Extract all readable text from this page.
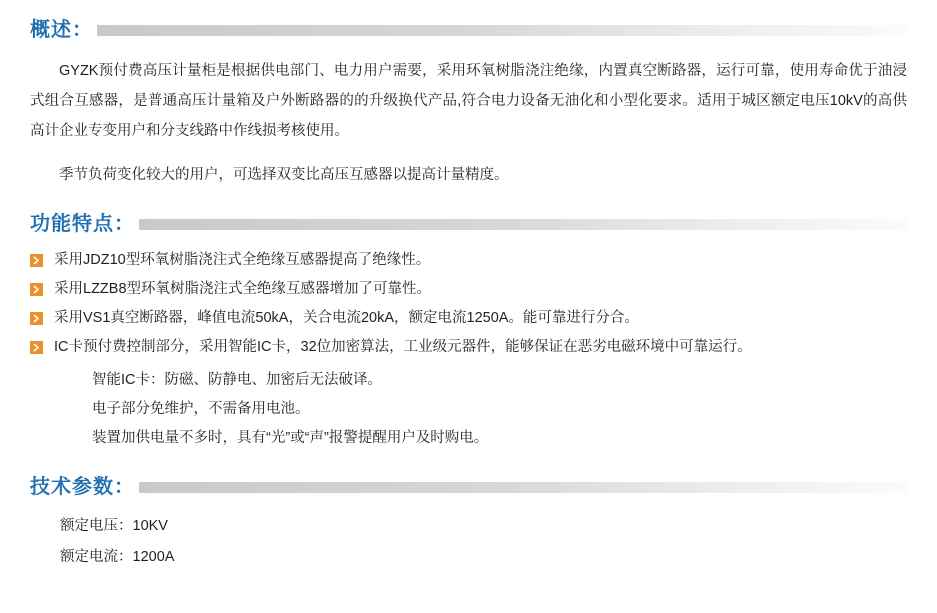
概述：

GYZK预付费高压计量柜是根据供电部门、电力用户需要，采用环氧树脂浇注绝缘，内置真空断路器，运行可靠，使用寿命优于油浸式组合互感器，是普通高压计量箱及户外断路器的的升级换代产品,符合电力设备无油化和小型化要求。适用于城区额定电压10kV的高供高计企业专变用户和分支线路中作线损考核使用。

季节负荷变化较大的用户，可选择双变比高压互感器以提高计量精度。

功能特点：
采用JDZ10型环氧树脂浇注式全绝缘互感器提高了绝缘性。
采用LZZB8型环氧树脂浇注式全绝缘互感器增加了可靠性。
采用VS1真空断路器，峰值电流50kA，关合电流20kA，额定电流1250A。能可靠进行分合。
IC卡预付费控制部分，采用智能IC卡，32位加密算法，工业级元器件，能够保证在恶劣电磁环境中可靠运行。
智能IC卡：防磁、防静电、加密后无法破译。
电子部分免维护，不需备用电池。
装置加供电量不多时，具有“光”或“声”报警提醒用户及时购电。
技术参数：
额定电压：10KV
额定电流：1200A
